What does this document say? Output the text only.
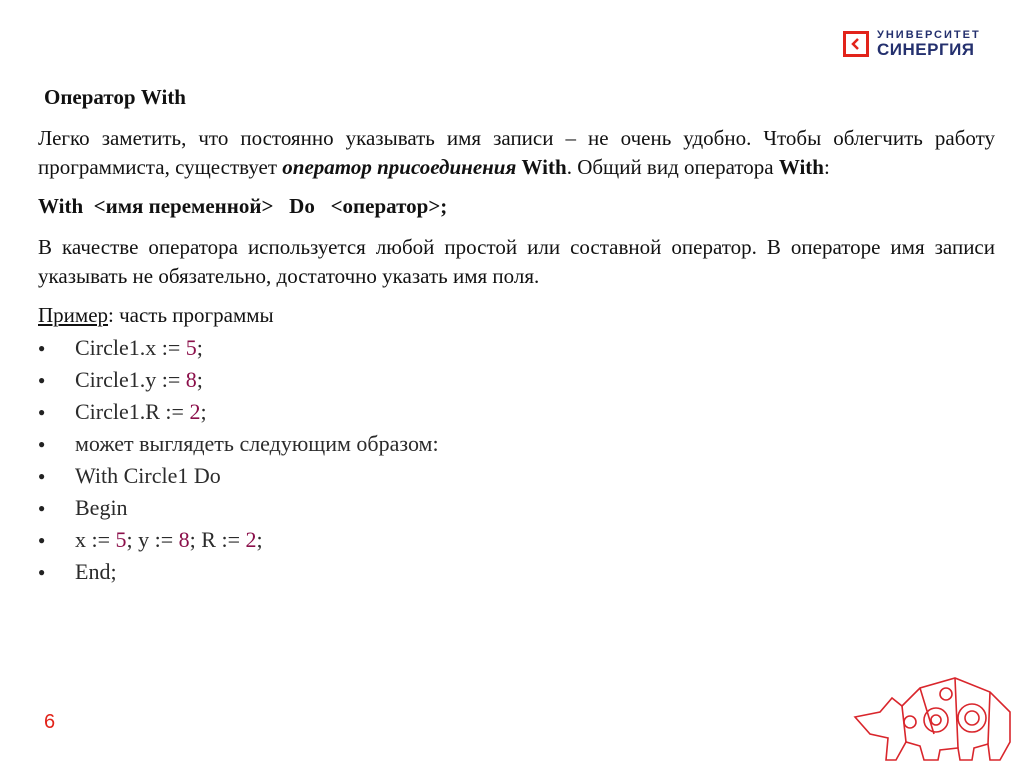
УНИВЕРСИТЕТ
СИНЕРГИЯ
Оператор With

Легко заметить, что постоянно указывать имя записи – не очень удобно. Чтобы облегчить работу программиста, существует оператор присоединения With. Общий вид оператора With:

With  <имя переменной>   Do   <оператор>;

В качестве оператора используется любой простой или составной оператор. В операторе имя записи указывать не обязательно, достаточно указать имя поля.

Пример: часть программы
● Circle1.x := 5;
● Circle1.y := 8;
● Circle1.R := 2;
● может выглядеть следующим образом:
● With Circle1 Do
● Begin
● x := 5; y := 8; R := 2;
● End;
6
